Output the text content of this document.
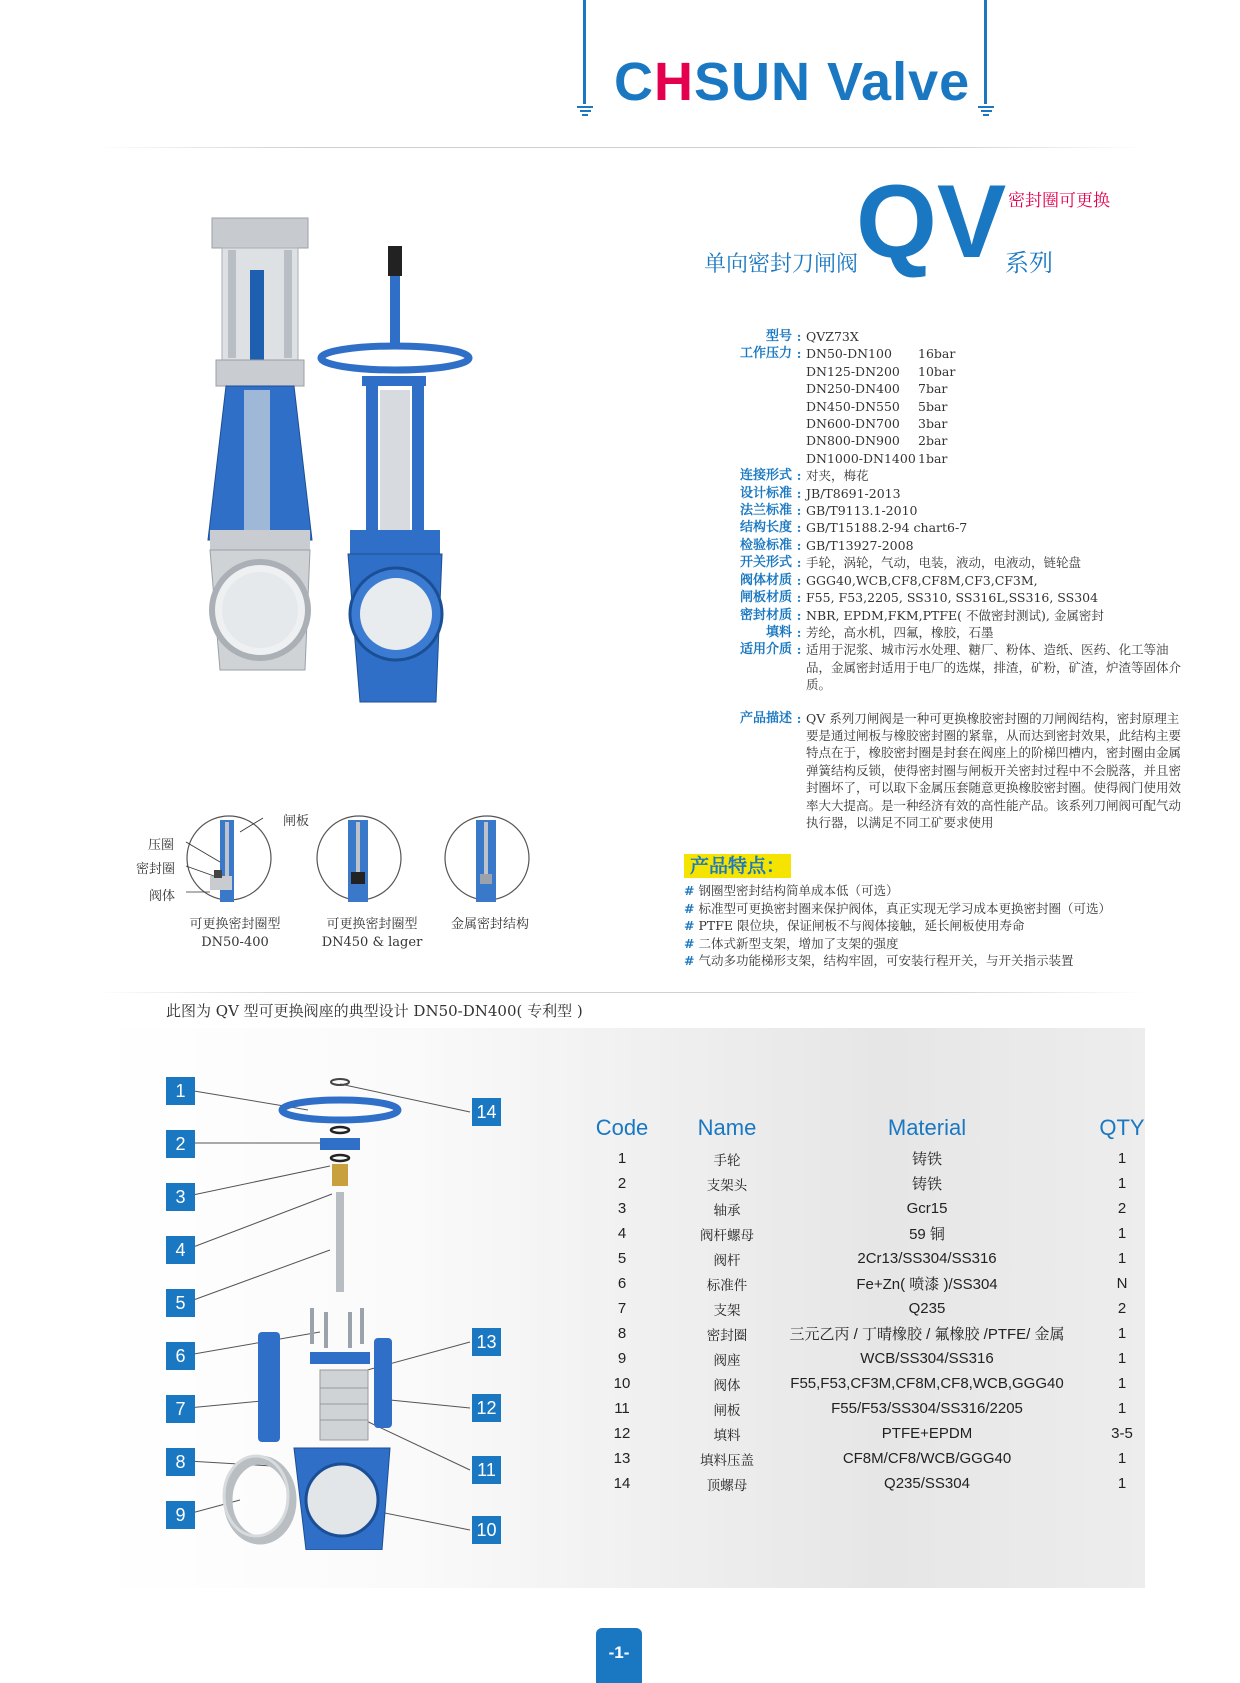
CHSUN Valve
闸板
压圈
密封圈
阀体
可更换密封圈型
DN50-400
可更换密封圈型
DN450 & lager
金属密封结构
密封圈可更换
QV
单向密封刀闸阀	系列
型号 : QVZ73X
工作压力 : DN50-DN100 16bar
DN125-DN200 10bar
DN250-DN400 7bar
DN450-DN550 5bar
DN600-DN700 3bar
DN800-DN900 2bar
DN1000-DN1400 1bar
连接形式 : 对夹，梅花
设计标准 : JB/T8691-2013
法兰标准 : GB/T9113.1-2010
结构长度 : GB/T15188.2-94 chart6-7
检验标准 : GB/T13927-2008
开关形式 : 手轮，涡轮，气动，电装，液动，电液动，链轮盘
阀体材质 : GGG40,WCB,CF8,CF8M,CF3,CF3M,
闸板材质 : F55, F53,2205, SS310, SS316L,SS316, SS304
密封材质 : NBR, EPDM,FKM,PTFE( 不做密封测试), 金属密封
填料 : 芳纶，高水机，四氟，橡胶，石墨
适用介质 : 适用于泥浆、城市污水处理、糖厂、粉体、造纸、医药、化工等油品，金属密封适用于电厂的选煤，排渣，矿粉，矿渣，炉渣等固体介质。
产品描述 : QV 系列刀闸阀是一种可更换橡胶密封圈的刀闸阀结构，密封原理主要是通过闸板与橡胶密封圈的紧靠，从而达到密封效果，此结构主要特点在于，橡胶密封圈是封套在阀座上的阶梯凹槽内，密封圈由金属弹簧结构反锁，使得密封圈与闸板开关密封过程中不会脱落，并且密封圈坏了，可以取下金属压套随意更换橡胶密封圈。使得阀门使用效率大大提高。是一种经济有效的高性能产品。该系列刀闸阀可配气动执行器，以满足不同工矿要求使用
产品特点：
# 钢圈型密封结构简单成本低（可选）
# 标准型可更换密封圈来保护阀体，真正实现无学习成本更换密封圈（可选）
# PTFE 限位块，保证闸板不与阀体接触，延长闸板使用寿命
# 二体式新型支架，增加了支架的强度
# 气动多功能梯形支架，结构牢固，可安装行程开关，与开关指示装置
此图为 QV 型可更换阀座的典型设计 DN50-DN400( 专利型 )
1
2
3
4
5
6
7
8
9
10
11
12
13
14
Code	Name	Material	QTY
1	手轮	铸铁	1
2	支架头	铸铁	1
3	轴承	Gcr15	2
4	阀杆螺母	59 铜	1
5	阀杆	2Cr13/SS304/SS316	1
6	标准件	Fe+Zn( 喷漆 )/SS304	N
7	支架	Q235	2
8	密封圈	三元乙丙 / 丁晴橡胶 / 氟橡胶 /PTFE/ 金属	1
9	阀座	WCB/SS304/SS316	1
10	阀体	F55,F53,CF3M,CF8M,CF8,WCB,GGG40	1
11	闸板	F55/F53/SS304/SS316/2205	1
12	填料	PTFE+EPDM	3-5
13	填料压盖	CF8M/CF8/WCB/GGG40	1
14	顶螺母	Q235/SS304	1
-1-
